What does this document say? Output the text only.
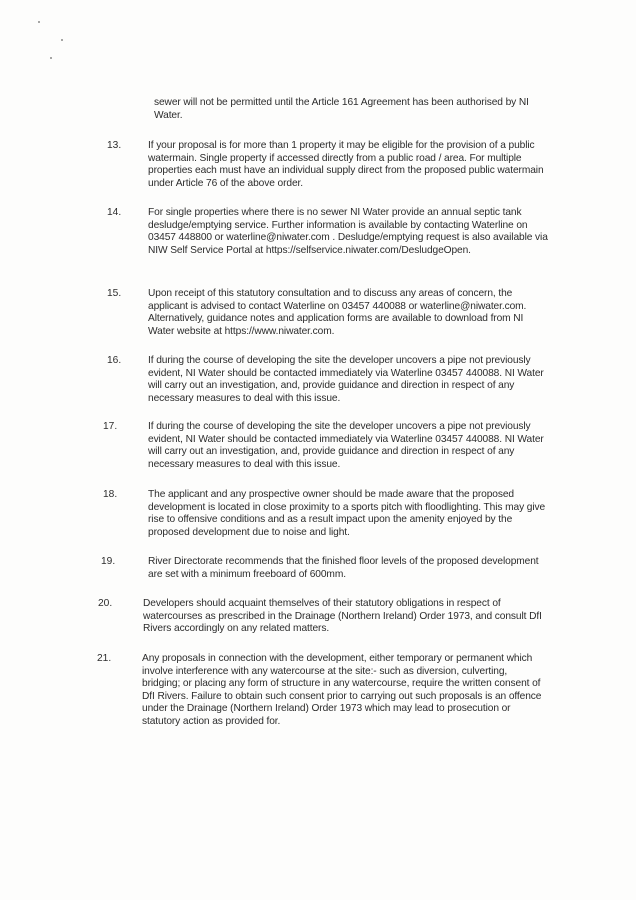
sewer will not be permitted until the Article 161 Agreement has been authorised by NI Water.

13.	If your proposal is for more than 1 property it may be eligible for the provision of a public watermain. Single property if accessed directly from a public road / area. For multiple properties each must have an individual supply direct from the proposed public watermain under Article 76 of the above order.

14.	For single properties where there is no sewer NI Water provide an annual septic tank desludge/emptying service. Further information is available by contacting Waterline on 03457 448800 or waterline@niwater.com . Desludge/emptying request is also available via NIW Self Service Portal at https://selfservice.niwater.com/DesludgeOpen.

15.	Upon receipt of this statutory consultation and to discuss any areas of concern, the applicant is advised to contact Waterline on 03457 440088 or waterline@niwater.com. Alternatively, guidance notes and application forms are available to download from NI Water website at https://www.niwater.com.

16.	If during the course of developing the site the developer uncovers a pipe not previously evident, NI Water should be contacted immediately via Waterline 03457 440088. NI Water will carry out an investigation, and, provide guidance and direction in respect of any necessary measures to deal with this issue.

17.	If during the course of developing the site the developer uncovers a pipe not previously evident, NI Water should be contacted immediately via Waterline 03457 440088. NI Water will carry out an investigation, and, provide guidance and direction in respect of any necessary measures to deal with this issue.

18.	The applicant and any prospective owner should be made aware that the proposed development is located in close proximity to a sports pitch with floodlighting. This may give rise to offensive conditions and as a result impact upon the amenity enjoyed by the proposed development due to noise and light.

19.	River Directorate recommends that the finished floor levels of the proposed development are set with a minimum freeboard of 600mm.

20.	Developers should acquaint themselves of their statutory obligations in respect of watercourses as prescribed in the Drainage (Northern Ireland) Order 1973, and consult DfI Rivers accordingly on any related matters.

21.	Any proposals in connection with the development, either temporary or permanent which involve interference with any watercourse at the site:- such as diversion, culverting, bridging; or placing any form of structure in any watercourse, require the written consent of DfI Rivers. Failure to obtain such consent prior to carrying out such proposals is an offence under the Drainage (Northern Ireland) Order 1973 which may lead to prosecution or statutory action as provided for.
